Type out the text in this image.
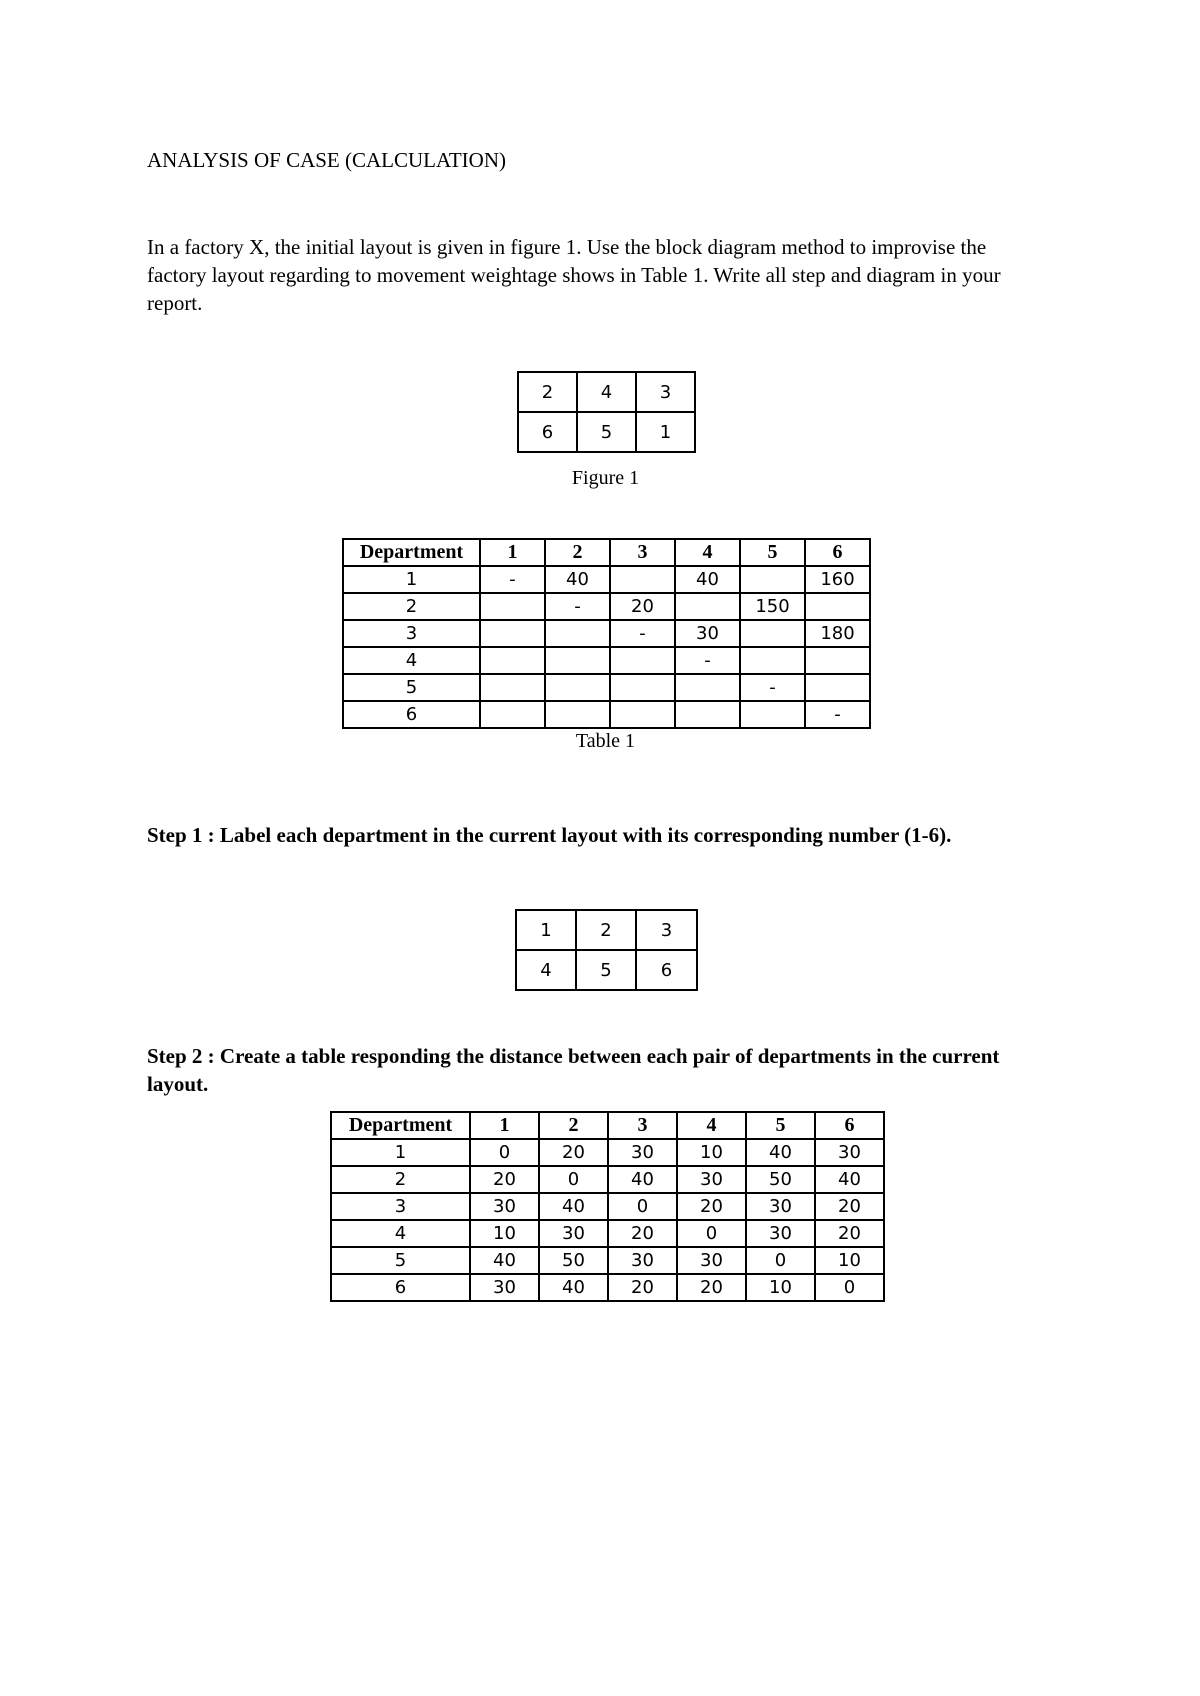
ANALYSIS OF CASE (CALCULATION)
In a factory X, the initial layout is given in figure 1. Use the block diagram method to improvise the
factory layout regarding to movement weightage shows in Table 1. Write all step and diagram in your
report.
2	4	3
6	5	1
Figure 1
Department	1	2	3	4	5	6
1	-	40		40		160
2		-	20		150	
3			-	30		180
4				-		
5					-	
6						-
Table 1
Step 1 : Label each department in the current layout with its corresponding number (1-6).
1	2	3
4	5	6
Step 2 : Create a table responding the distance between each pair of departments in the current
layout.
Department	1	2	3	4	5	6
1	0	20	30	10	40	30
2	20	0	40	30	50	40
3	30	40	0	20	30	20
4	10	30	20	0	30	20
5	40	50	30	30	0	10
6	30	40	20	20	10	0
